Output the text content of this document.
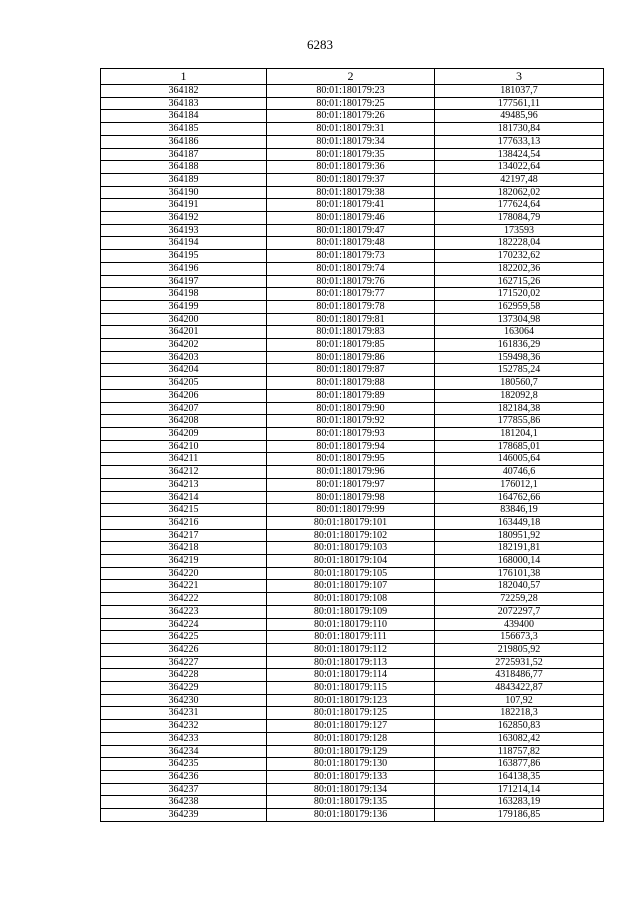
6283
1	2	3
364182	80:01:180179:23	181037,7
364183	80:01:180179:25	177561,11
364184	80:01:180179:26	49485,96
364185	80:01:180179:31	181730,84
364186	80:01:180179:34	177633,13
364187	80:01:180179:35	138424,54
364188	80:01:180179:36	134022,64
364189	80:01:180179:37	42197,48
364190	80:01:180179:38	182062,02
364191	80:01:180179:41	177624,64
364192	80:01:180179:46	178084,79
364193	80:01:180179:47	173593
364194	80:01:180179:48	182228,04
364195	80:01:180179:73	170232,62
364196	80:01:180179:74	182202,36
364197	80:01:180179:76	162715,26
364198	80:01:180179:77	171520,02
364199	80:01:180179:78	162959,58
364200	80:01:180179:81	137304,98
364201	80:01:180179:83	163064
364202	80:01:180179:85	161836,29
364203	80:01:180179:86	159498,36
364204	80:01:180179:87	152785,24
364205	80:01:180179:88	180560,7
364206	80:01:180179:89	182092,8
364207	80:01:180179:90	182184,38
364208	80:01:180179:92	177855,86
364209	80:01:180179:93	181204,1
364210	80:01:180179:94	178685,01
364211	80:01:180179:95	146005,64
364212	80:01:180179:96	40746,6
364213	80:01:180179:97	176012,1
364214	80:01:180179:98	164762,66
364215	80:01:180179:99	83846,19
364216	80:01:180179:101	163449,18
364217	80:01:180179:102	180951,92
364218	80:01:180179:103	182191,81
364219	80:01:180179:104	168000,14
364220	80:01:180179:105	176101,38
364221	80:01:180179:107	182040,57
364222	80:01:180179:108	72259,28
364223	80:01:180179:109	2072297,7
364224	80:01:180179:110	439400
364225	80:01:180179:111	156673,3
364226	80:01:180179:112	219805,92
364227	80:01:180179:113	2725931,52
364228	80:01:180179:114	4318486,77
364229	80:01:180179:115	4843422,87
364230	80:01:180179:123	107,92
364231	80:01:180179:125	182218,3
364232	80:01:180179:127	162850,83
364233	80:01:180179:128	163082,42
364234	80:01:180179:129	118757,82
364235	80:01:180179:130	163877,86
364236	80:01:180179:133	164138,35
364237	80:01:180179:134	171214,14
364238	80:01:180179:135	163283,19
364239	80:01:180179:136	179186,85
